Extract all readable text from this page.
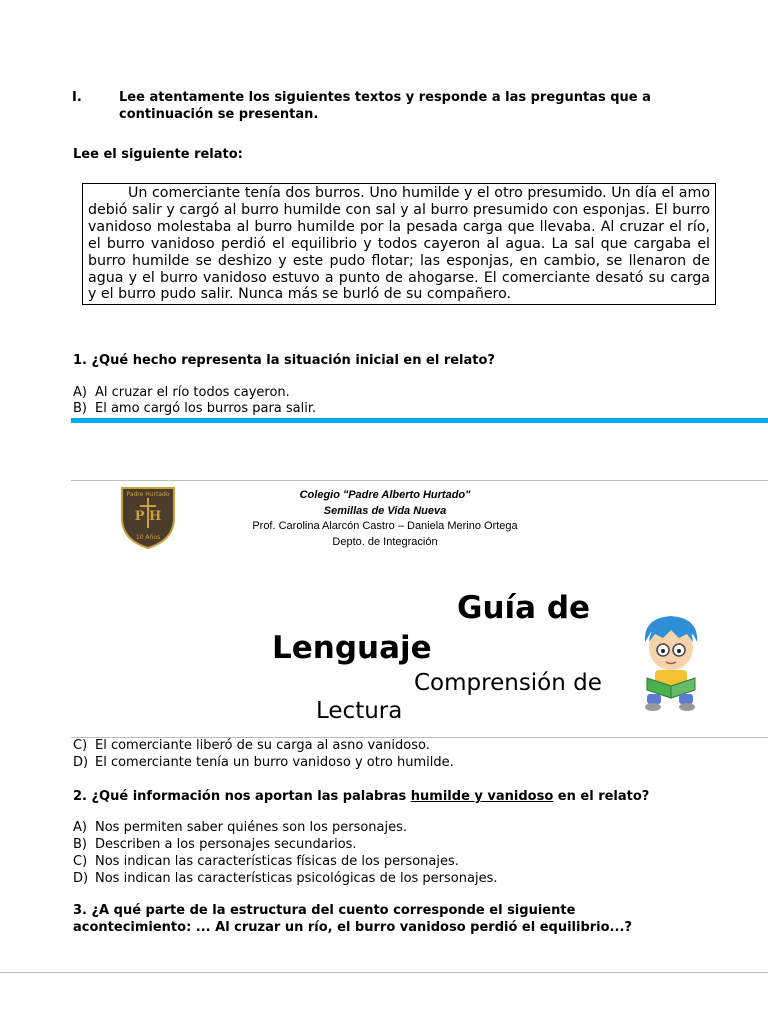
I.	Lee atentamente los siguientes textos y responde a las preguntas que a continuación se presentan.
Lee el siguiente relato:
Un comerciante tenía dos burros. Uno humilde y el otro presumido. Un día el amo debió salir y cargó al burro humilde con sal y al burro presumido con esponjas. El burro vanidoso molestaba al burro humilde por la pesada carga que llevaba. Al cruzar el río, el burro vanidoso perdió el equilibrio y todos cayeron al agua. La sal que cargaba el burro humilde se deshizo y este pudo flotar; las esponjas, en cambio, se llenaron de agua y el burro vanidoso estuvo a punto de ahogarse. El comerciante desató su carga y el burro pudo salir. Nunca más se burló de su compañero.
1. ¿Qué hecho representa la situación inicial en el relato?
A) Al cruzar el río todos cayeron.
B) El amo cargó los burros para salir.
Padre Hurtado
P H
10 Años
Colegio "Padre Alberto Hurtado"
Semillas de Vida Nueva
Prof. Carolina Alarcón Castro – Daniela Merino Ortega
Depto. de Integración
Guía de
Lenguaje
Comprensión de
Lectura
C) El comerciante liberó de su carga al asno vanidoso.
D) El comerciante tenía un burro vanidoso y otro humilde.
2. ¿Qué información nos aportan las palabras humilde y vanidoso en el relato?
A) Nos permiten saber quiénes son los personajes.
B) Describen a los personajes secundarios.
C) Nos indican las características físicas de los personajes.
D) Nos indican las características psicológicas de los personajes.
3. ¿A qué parte de la estructura del cuento corresponde el siguiente
acontecimiento: ... Al cruzar un río, el burro vanidoso perdió el equilibrio...?
